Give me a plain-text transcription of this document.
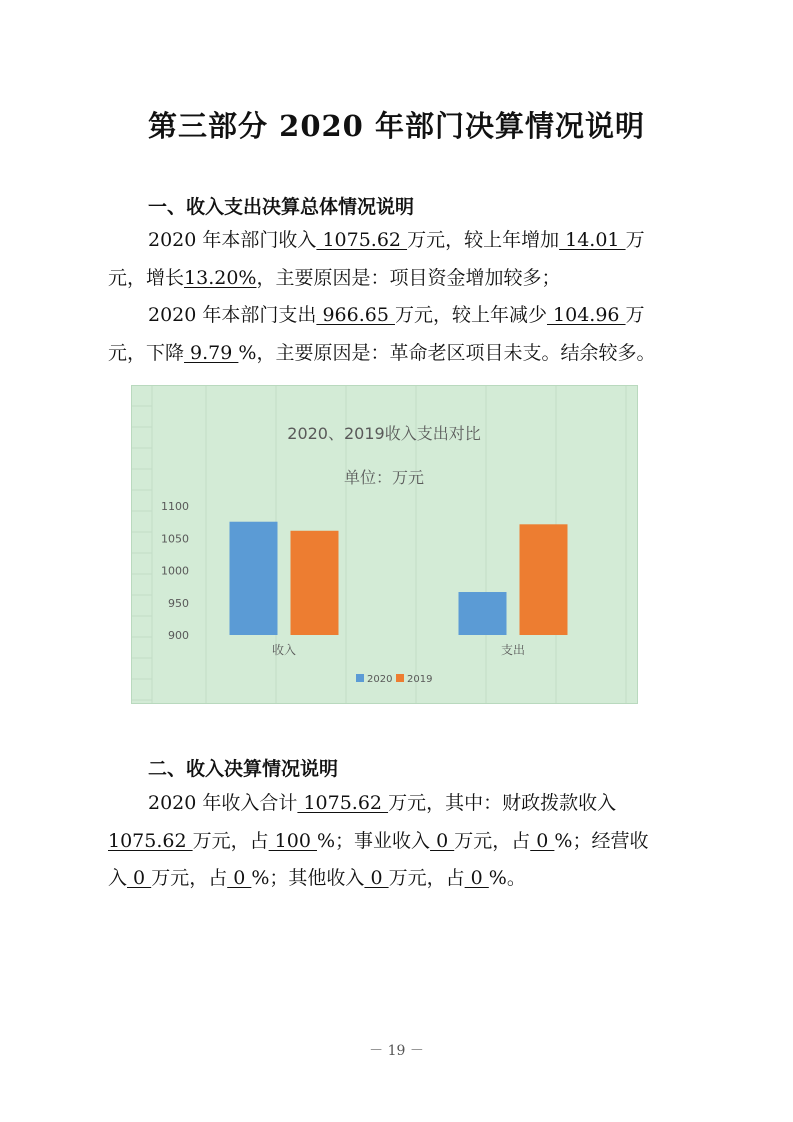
第三部分 2020 年部门决算情况说明
一、收入支出决算总体情况说明
2020 年本部门收入 1075.62 万元，较上年增加 14.01 万
元，增长13.20%，主要原因是：项目资金增加较多；
2020 年本部门支出 966.65 万元，较上年减少 104.96 万
元，下降 9.79 %，主要原因是：革命老区项目未支。结余较多。
2020、2019收入支出对比
单位：万元
1100
1050
1000
950
900
收入	支出
2020 2019
二、收入决算情况说明
2020 年收入合计 1075.62 万元，其中：财政拨款收入
1075.62 万元，占 100 %；事业收入 0 万元，占 0 %；经营收
入 0 万元，占 0 %；其他收入 0 万元，占 0 %。
－ 19 －
